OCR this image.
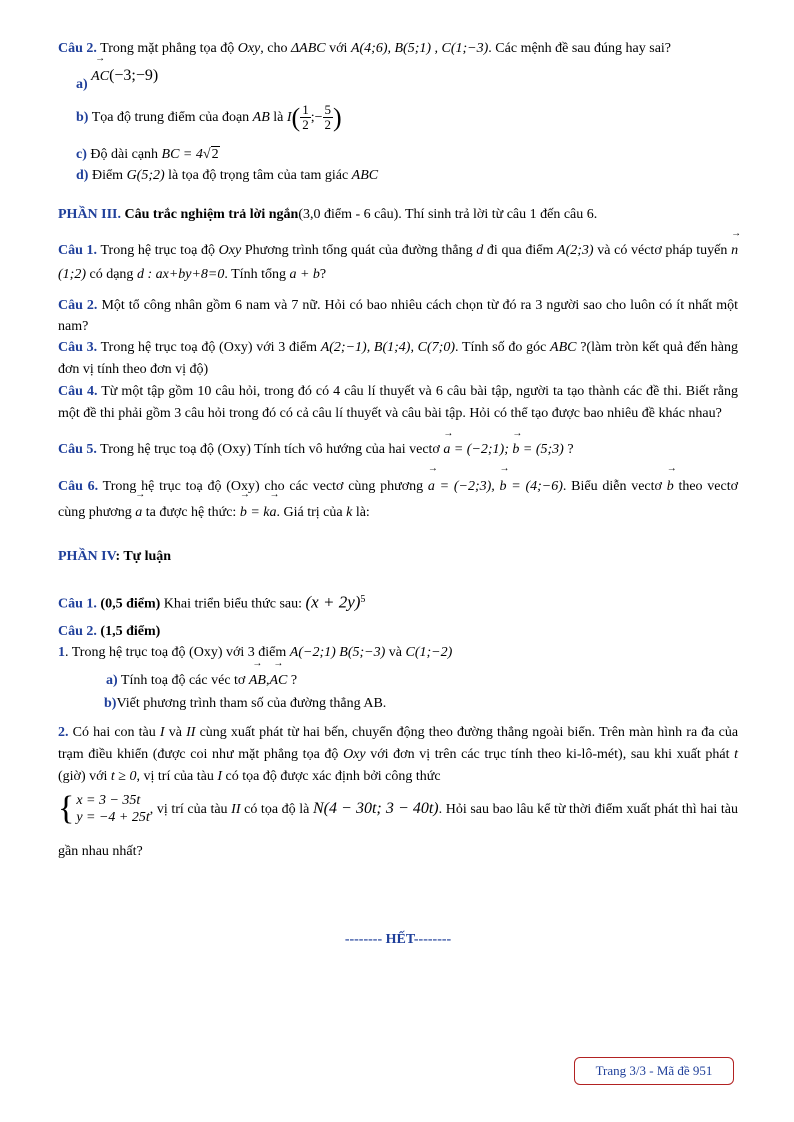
Câu 2. Trong mặt phẳng tọa độ Oxy, cho ΔABC với A(4;6), B(5;1) , C(1;−3). Các mệnh đề sau đúng hay sai?

a) → AC(−3;−9)

b) Tọa độ trung điểm của đoạn AB là $I( \frac{1}{2}$ ;− $\frac{5}{2}$ )

c) Độ dài cạnh BC = 4√2

d) Điểm G(5;2) là tọa độ trọng tâm của tam giác ABC

PHẦN III. Câu trắc nghiệm trả lời ngắn(3,0 điểm - 6 câu). Thí sinh trả lời từ câu 1 đến câu 6.

Câu 1. Trong hệ trục toạ độ Oxy Phương trình tổng quát của đường thẳng d đi qua điểm A(2;3) và có véctơ pháp tuyến → n(1;2) có dạng d : ax+by+8=0. Tính tổng a + b?

Câu 2. Một tổ công nhân gồm 6 nam và 7 nữ. Hỏi có bao nhiêu cách chọn từ đó ra 3 người sao cho luôn có ít nhất một nam?

Câu 3. Trong hệ trục toạ độ (Oxy) với 3 điểm A(2;−1), B(1;4), C(7;0). Tính số đo góc ABC ?(làm tròn kết quả đến hàng đơn vị tính theo đơn vị độ)

Câu 4. Từ một tập gồm 10 câu hỏi, trong đó có 4 câu lí thuyết và 6 câu bài tập, người ta tạo thành các đề thi. Biết rằng một đề thi phải gồm 3 câu hỏi trong đó có cả câu lí thuyết và câu bài tập. Hỏi có thể tạo được bao nhiêu đề khác nhau?

Câu 5. Trong hệ trục toạ độ (Oxy) Tính tích vô hướng của hai vectơ → a = (−2;1); → b = (5;3) ?

Câu 6. Trong hệ trục toạ độ (Oxy) cho các vectơ cùng phương → a = (−2;3), → b = (4;−6). Biểu diễn vectơ → b theo vectơ cùng phương → a ta được hệ thức: → b = k→ a. Giá trị của k là:

PHẦN IV: Tự luận

Câu 1. (0,5 điểm) Khai triển biểu thức sau: $(x + 2y)^5$

Câu 2. (1,5 điểm)

1. Trong hệ trục toạ độ (Oxy) với 3 điểm A(−2;1) B(5;−3) và C(1;−2)

a) Tính toạ độ các véc tơ → AB,→ AC ?

b)Viết phương trình tham số của đường thẳng AB.

2. Có hai con tàu I và II cùng xuất phát từ hai bến, chuyển động theo đường thẳng ngoài biển. Trên màn hình ra đa của trạm điều khiển (được coi như mặt phẳng tọa độ Oxy với đơn vị trên các trục tính theo ki-lô-mét), sau khi xuất phát t (giờ) với t ≥ 0, vị trí của tàu I có tọa độ được xác định bởi công thức

{ x = 3 − 35t
y = −4 + 25t
, vị trí của tàu II có tọa độ là N(4 − 30t; 3 − 40t). Hỏi sau bao lâu kể từ thời điểm xuất phát thì hai tàu gần nhau nhất?

-------- HẾT--------

Trang 3/3 - Mã đề 951
